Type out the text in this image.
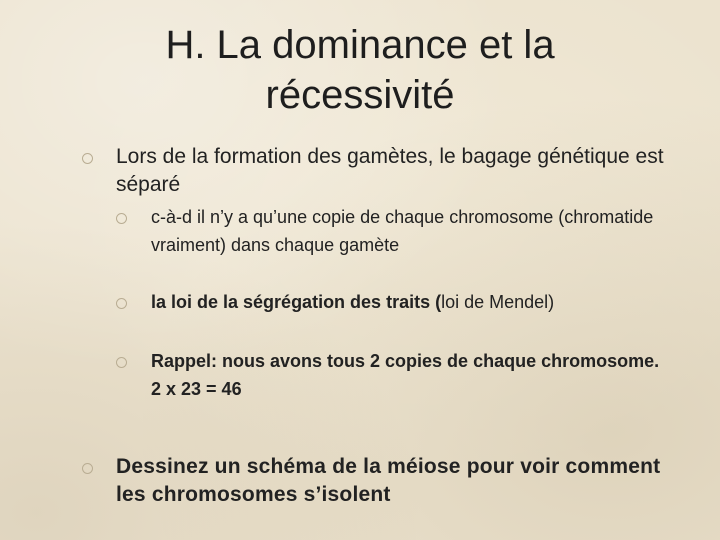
H. La dominance et la récessivité
Lors de la formation des gamètes, le bagage génétique est séparé
c-à-d il n’y a qu’une copie de chaque chromosome (chromatide vraiment) dans chaque gamète
la loi de la ségrégation des traits (loi de Mendel)
Rappel: nous avons tous 2 copies de chaque chromosome. 2 x 23 = 46
Dessinez un schéma de la méiose pour voir comment les chromosomes s’isolent
